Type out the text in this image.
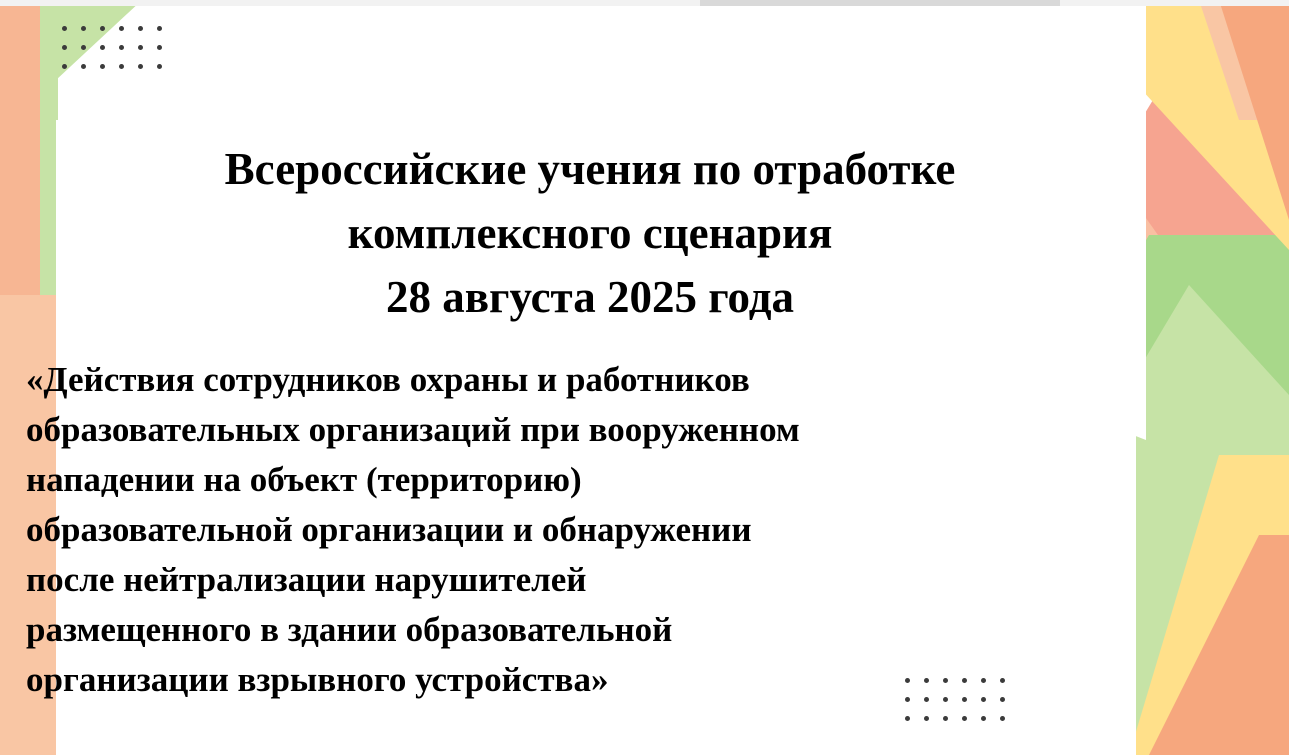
Всероссийские учения по отработке
комплексного сценария
28 августа 2025 года
«Действия сотрудников охраны и работников
образовательных организаций при вооруженном
нападении на объект (территорию)
образовательной организации и обнаружении
после нейтрализации нарушителей
размещенного в здании образовательной
организации взрывного устройства»
